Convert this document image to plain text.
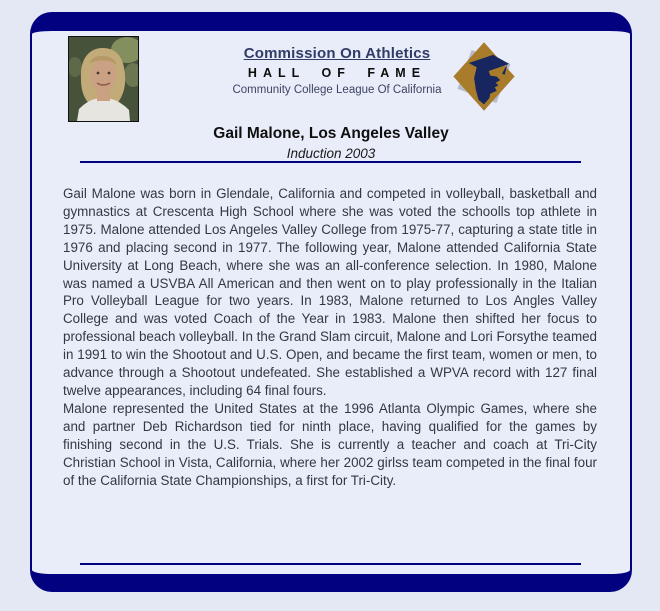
Commission On Athletics
HALL OF FAME
Community College League Of California
Gail Malone, Los Angeles Valley
Induction 2003

Gail Malone was born in Glendale, California and competed in volleyball, basketball and gymnastics at Crescenta High School where she was voted the schoolls top athlete in 1975. Malone attended Los Angeles Valley College from 1975-77, capturing a state title in 1976 and placing second in 1977. The following year, Malone attended California State University at Long Beach, where she was an all-conference selection. In 1980, Malone was named a USVBA All American and then went on to play professionally in the Italian Pro Volleyball League for two years. In 1983, Malone returned to Los Angles Valley College and was voted Coach of the Year in 1983. Malone then shifted her focus to professional beach volleyball. In the Grand Slam circuit, Malone and Lori Forsythe teamed in 1991 to win the Shootout and U.S. Open, and became the first team, women or men, to advance through a Shootout undefeated. She established a WPVA record with 127 final twelve appearances, including 64 final fours.

Malone represented the United States at the 1996 Atlanta Olympic Games, where she and partner Deb Richardson tied for ninth place, having qualified for the games by finishing second in the U.S. Trials. She is currently a teacher and coach at Tri-City Christian School in Vista, California, where her 2002 girlss team competed in the final four of the California State Championships, a first for Tri-City.
